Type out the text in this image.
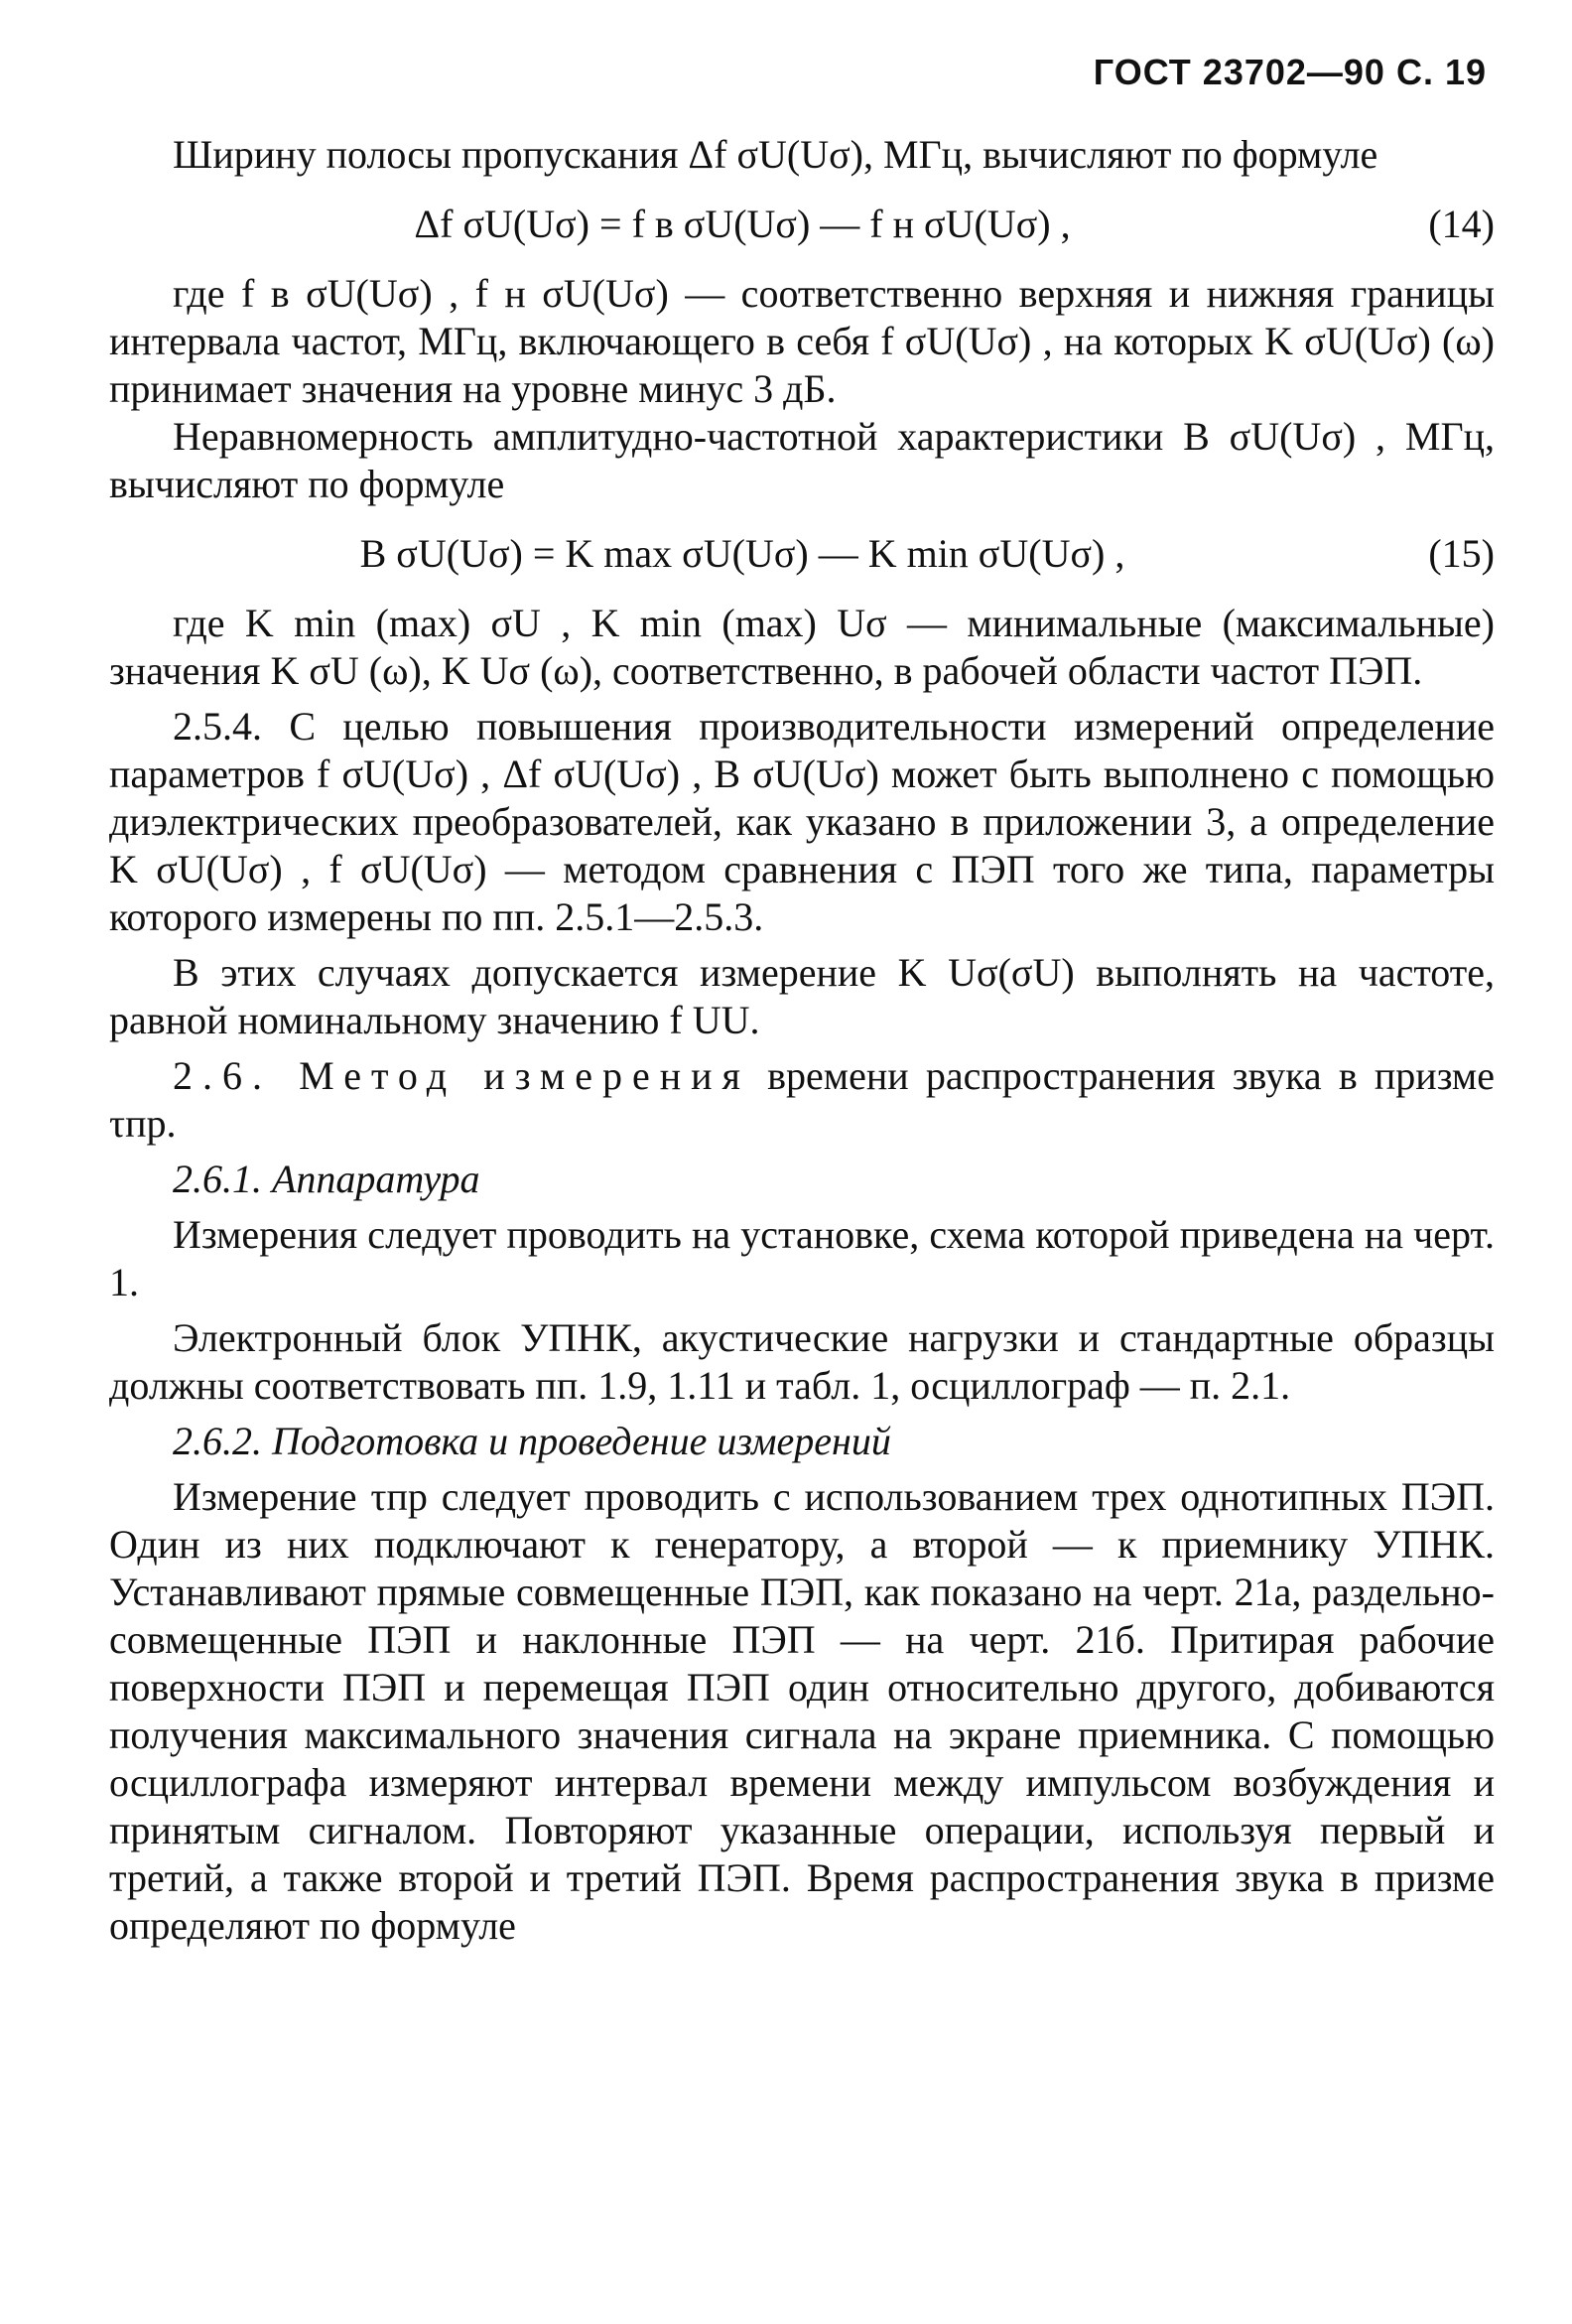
ГОСТ 23702—90 С. 19

Ширину полосы пропускания Δf σU(Uσ), МГц, вычисляют по формуле

Δf σU(Uσ) = f в σU(Uσ) — f н σU(Uσ) ,	(14)

где f в σU(Uσ) , f н σU(Uσ) — соответственно верхняя и нижняя границы интервала частот, МГц, включающего в себя f σU(Uσ) , на которых K σU(Uσ) (ω) принимает значения на уровне минус 3 дБ.

Неравномерность амплитудно-частотной характеристики B σU(Uσ) , МГц, вычисляют по формуле

B σU(Uσ) = K max σU(Uσ) — K min σU(Uσ) ,	(15)

где K min (max) σU , K min (max) Uσ — минимальные (максимальные) значения K σU (ω), K Uσ (ω), соответственно, в рабочей области частот ПЭП.

2.5.4. С целью повышения производительности измерений определение параметров f σU(Uσ) , Δf σU(Uσ) , B σU(Uσ) может быть выполнено с помощью диэлектрических преобразователей, как указано в приложении 3, а определение K σU(Uσ) , f σU(Uσ) — методом сравнения с ПЭП того же типа, параметры которого измерены по пп. 2.5.1—2.5.3.

В этих случаях допускается измерение K Uσ(σU) выполнять на частоте, равной номинальному значению f UU.

2.6. Метод измерения времени распространения звука в призме τпр.

2.6.1. Аппаратура

Измерения следует проводить на установке, схема которой приведена на черт. 1.

Электронный блок УПНК, акустические нагрузки и стандартные образцы должны соответствовать пп. 1.9, 1.11 и табл. 1, осциллограф — п. 2.1.

2.6.2. Подготовка и проведение измерений

Измерение τпр следует проводить с использованием трех однотипных ПЭП. Один из них подключают к генератору, а второй — к приемнику УПНК. Устанавливают прямые совмещенные ПЭП, как показано на черт. 21а, раздельно-совмещенные ПЭП и наклонные ПЭП — на черт. 21б. Притирая рабочие поверхности ПЭП и перемещая ПЭП один относительно другого, добиваются получения максимального значения сигнала на экране приемника. С помощью осциллографа измеряют интервал времени между импульсом возбуждения и принятым сигналом. Повторяют указанные операции, используя первый и третий, а также второй и третий ПЭП. Время распространения звука в призме определяют по формуле
